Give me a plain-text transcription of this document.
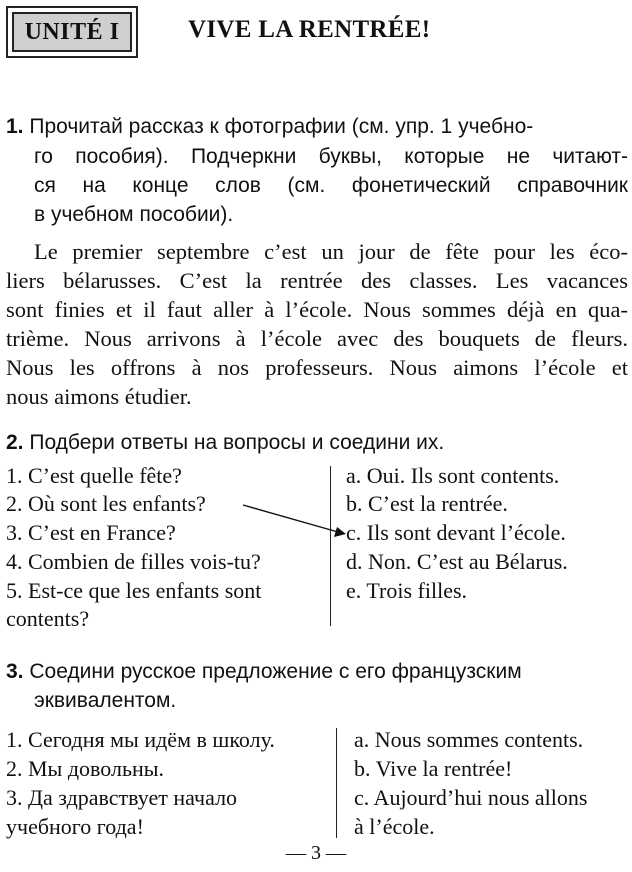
UNITÉ I	VIVE LA RENTRÉE!
1. Прочитай рассказ к фотографии (см. упр. 1 учебно-
го пособия). Подчеркни буквы, которые не читают-
ся на конце слов (см. фонетический справочник
в учебном пособии).
Le premier septembre c’est un jour de fête pour les éco-
liers bélarusses. C’est la rentrée des classes. Les vacances
sont finies et il faut aller à l’école. Nous sommes déjà en qua-
trième. Nous arrivons à l’école avec des bouquets de fleurs.
Nous les offrons à nos professeurs. Nous aimons l’école et
nous aimons étudier.
2. Подбери ответы на вопросы и соедини их.
1. C’est quelle fête?
2. Où sont les enfants?
3. C’est en France?
4. Combien de filles vois-tu?
5. Est-ce que les enfants sont
contents?
a. Oui. Ils sont contents.
b. C’est la rentrée.
c. Ils sont devant l’école.
d. Non. C’est au Bélarus.
e. Trois filles.
3. Соедини русское предложение с его французским
эквивалентом.
1. Сегодня мы идём в школу.
2. Мы довольны.
3. Да здравствует начало
учебного года!
a. Nous sommes contents.
b. Vive la rentrée!
c. Aujourd’hui nous allons
à l’école.
— 3 —
